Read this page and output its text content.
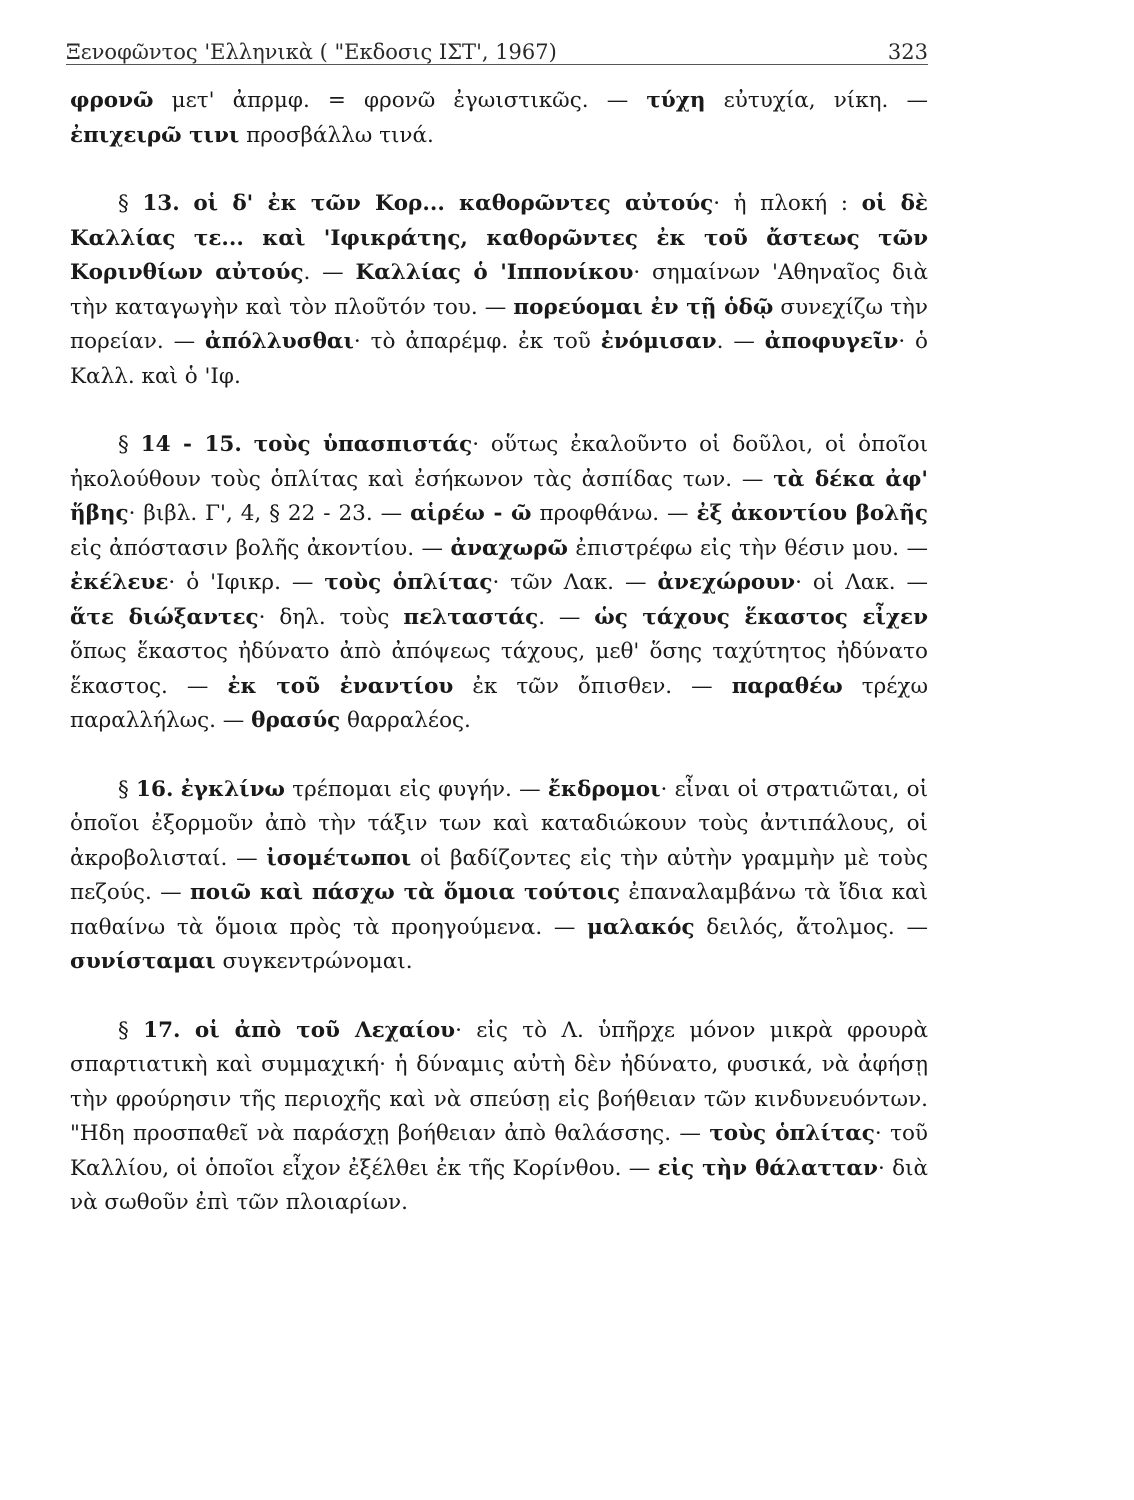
Ξενοφῶντος 'Ελληνικὰ ( "Εκδοσις ΙΣΤ', 1967)	323

φρονῶ μετ' ἀπρμφ. = φρονῶ ἐγωιστικῶς. — τύχη εὐτυχία, νίκη. — ἐπιχειρῶ τινι προσβάλλω τινά.

§ 13. οἱ δ' ἐκ τῶν Κορ... καθορῶντες αὐτούς· ἡ πλοκή : οἱ δὲ Καλλίας τε... καὶ 'Ιφικράτης, καθορῶντες ἐκ τοῦ ἄστεως τῶν Κορινθίων αὐτούς. — Καλλίας ὁ 'Ιππονίκου· σημαίνων 'Αθηναῖος διὰ τὴν καταγωγὴν καὶ τὸν πλοῦτόν του. — πορεύομαι ἐν τῇ ὁδῷ συνεχίζω τὴν πορείαν. — ἀπόλλυσθαι· τὸ ἀπαρέμφ. ἐκ τοῦ ἐνόμισαν. — ἀποφυγεῖν· ὁ Καλλ. καὶ ὁ 'Ιφ.

§ 14 - 15. τοὺς ὑπασπιστάς· οὕτως ἐκαλοῦντο οἱ δοῦλοι, οἱ ὁποῖοι ἠκολούθουν τοὺς ὁπλίτας καὶ ἐσήκωνον τὰς ἀσπίδας των. — τὰ δέκα ἀφ' ἥβης· βιβλ. Γ', 4, § 22 - 23. — αἱρέω - ῶ προφθάνω. — ἐξ ἀκοντίου βολῆς εἰς ἀπόστασιν βολῆς ἀκοντίου. — ἀναχωρῶ ἐπιστρέφω εἰς τὴν θέσιν μου. — ἐκέλευε· ὁ 'Ιφικρ. — τοὺς ὁπλίτας· τῶν Λακ. — ἀνεχώρουν· οἱ Λακ. — ἅτε διώξαντες· δηλ. τοὺς πελταστάς. — ὡς τάχους ἕκαστος εἶχεν ὅπως ἕκαστος ἠδύνατο ἀπὸ ἀπόψεως τάχους, μεθ' ὅσης ταχύτητος ἠδύνατο ἕκαστος. — ἐκ τοῦ ἐναντίου ἐκ τῶν ὄπισθεν. — παραθέω τρέχω παραλλήλως. — θρασύς θαρραλέος.

§ 16. ἐγκλίνω τρέπομαι εἰς φυγήν. — ἔκδρομοι· εἶναι οἱ στρατιῶται, οἱ ὁποῖοι ἐξορμοῦν ἀπὸ τὴν τάξιν των καὶ καταδιώκουν τοὺς ἀντιπάλους, οἱ ἀκροβολισταί. — ἰσομέτωποι οἱ βαδίζοντες εἰς τὴν αὐτὴν γραμμὴν μὲ τοὺς πεζούς. — ποιῶ καὶ πάσχω τὰ ὅμοια τούτοις ἐπαναλαμβάνω τὰ ἴδια καὶ παθαίνω τὰ ὅμοια πρὸς τὰ προηγούμενα. — μαλακός δειλός, ἄτολμος. — συνίσταμαι συγκεντρώνομαι.

§ 17. οἱ ἀπὸ τοῦ Λεχαίου· εἰς τὸ Λ. ὑπῆρχε μόνον μικρὰ φρουρὰ σπαρτιατικὴ καὶ συμμαχική· ἡ δύναμις αὐτὴ δὲν ἠδύνατο, φυσικά, νὰ ἀφήσῃ τὴν φρούρησιν τῆς περιοχῆς καὶ νὰ σπεύσῃ εἰς βοήθειαν τῶν κινδυνευόντων. "Ηδη προσπαθεῖ νὰ παράσχῃ βοήθειαν ἀπὸ θαλάσσης. — τοὺς ὁπλίτας· τοῦ Καλλίου, οἱ ὁποῖοι εἶχον ἐξέλθει ἐκ τῆς Κορίνθου. — εἰς τὴν θάλατταν· διὰ νὰ σωθοῦν ἐπὶ τῶν πλοιαρίων.
